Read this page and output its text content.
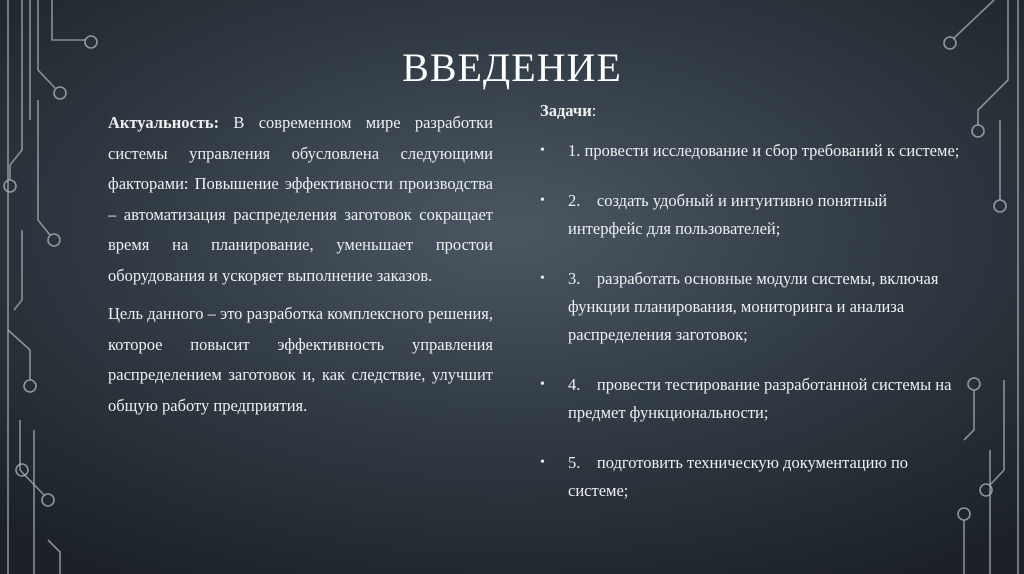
ВВЕДЕНИЕ

Актуальность: В современном мире разработки системы управления обусловлена следующими факторами: Повышение эффективности производства – автоматизация распределения заготовок сокращает время на планирование, уменьшает простои оборудования и ускоряет выполнение заказов.

Цель данного – это разработка комплексного решения, которое повысит эффективность управления распределением заготовок и, как следствие, улучшит общую работу предприятия.

Задачи:

• 1. провести исследование и сбор требований к системе;
• 2.    создать удобный и интуитивно понятный интерфейс для пользователей;
• 3.    разработать основные модули системы, включая функции планирования, мониторинга и анализа распределения заготовок;
• 4.    провести тестирование разработанной системы на предмет функциональности;
• 5.    подготовить техническую документацию по системе;
